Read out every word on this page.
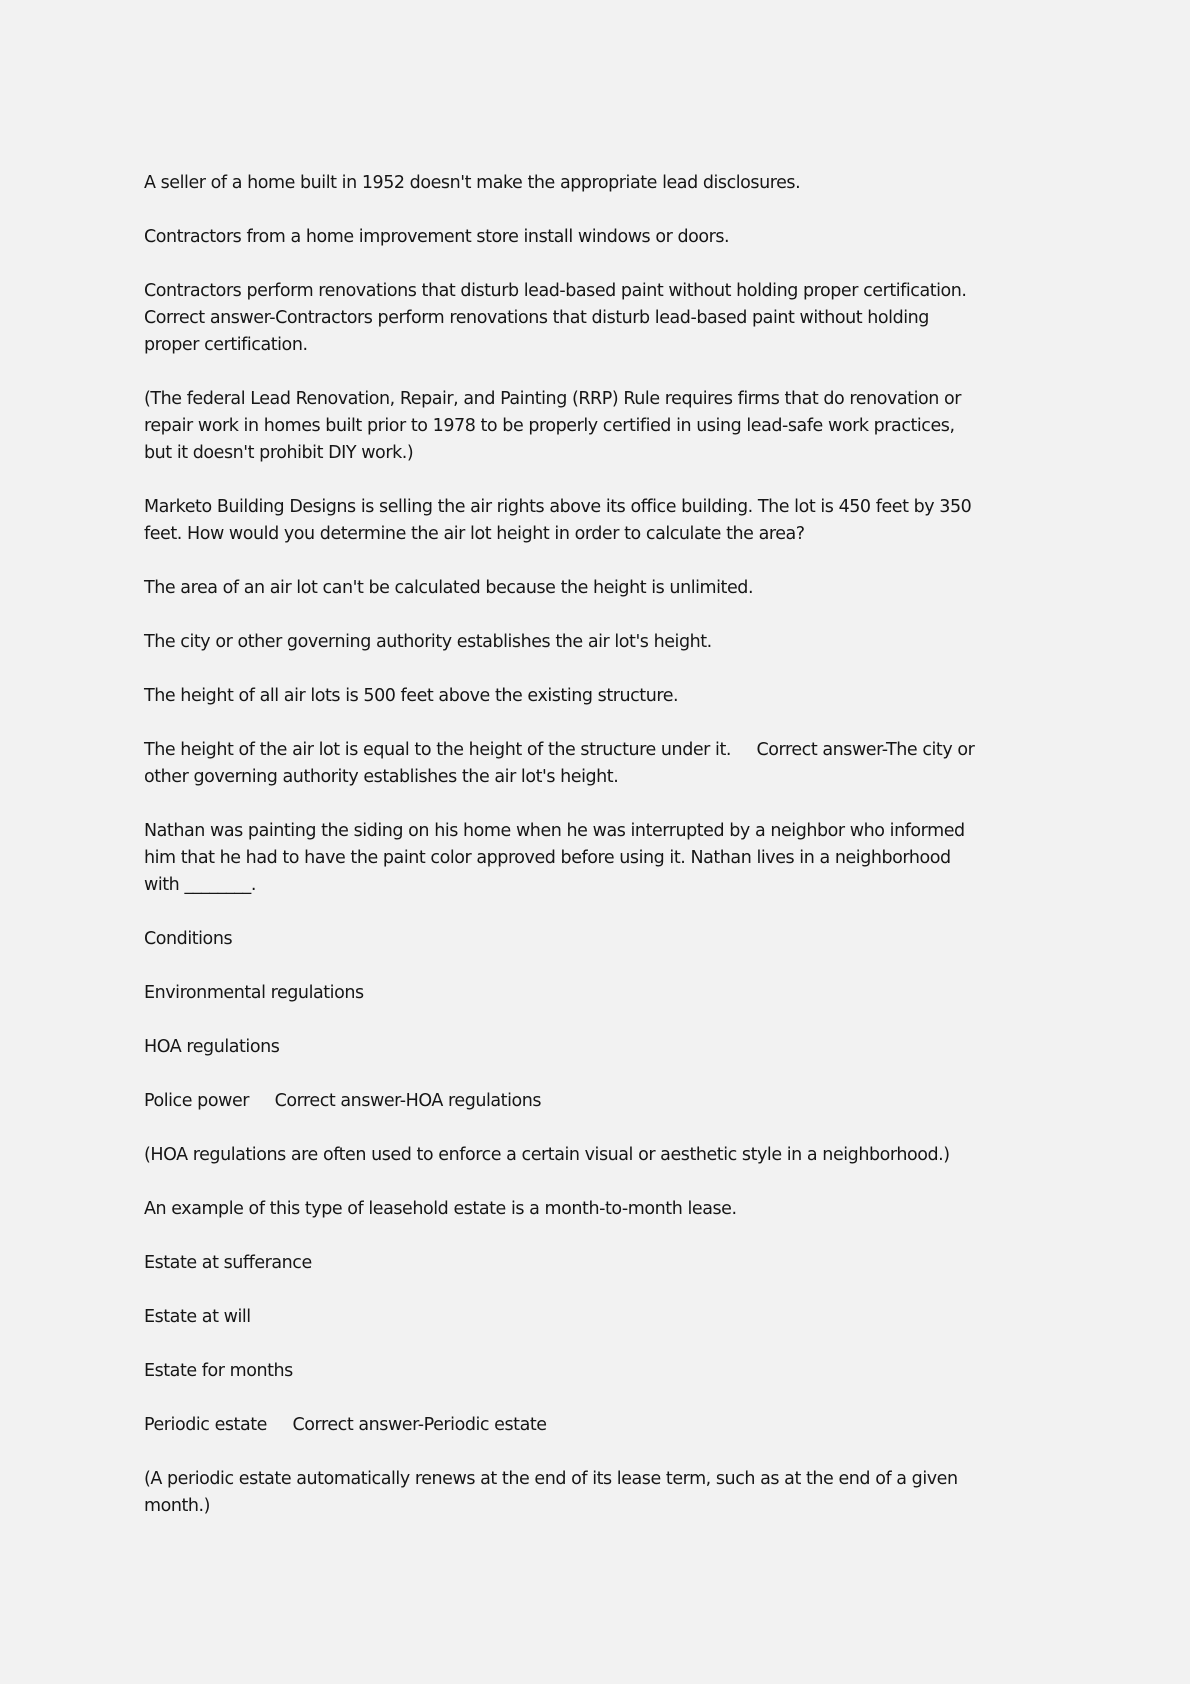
A seller of a home built in 1952 doesn't make the appropriate lead disclosures.

Contractors from a home improvement store install windows or doors.

Contractors perform renovations that disturb lead-based paint without holding proper certification.
Correct answer-Contractors perform renovations that disturb lead-based paint without holding
proper certification.

(The federal Lead Renovation, Repair, and Painting (RRP) Rule requires firms that do renovation or
repair work in homes built prior to 1978 to be properly certified in using lead-safe work practices,
but it doesn't prohibit DIY work.)

Marketo Building Designs is selling the air rights above its office building. The lot is 450 feet by 350
feet. How would you determine the air lot height in order to calculate the area?

The area of an air lot can't be calculated because the height is unlimited.

The city or other governing authority establishes the air lot's height.

The height of all air lots is 500 feet above the existing structure.

The height of the air lot is equal to the height of the structure under it.     Correct answer-The city or
other governing authority establishes the air lot's height.

Nathan was painting the siding on his home when he was interrupted by a neighbor who informed
him that he had to have the paint color approved before using it. Nathan lives in a neighborhood
with ________.

Conditions

Environmental regulations

HOA regulations

Police power     Correct answer-HOA regulations

(HOA regulations are often used to enforce a certain visual or aesthetic style in a neighborhood.)

An example of this type of leasehold estate is a month-to-month lease.

Estate at sufferance

Estate at will

Estate for months

Periodic estate     Correct answer-Periodic estate

(A periodic estate automatically renews at the end of its lease term, such as at the end of a given
month.)
